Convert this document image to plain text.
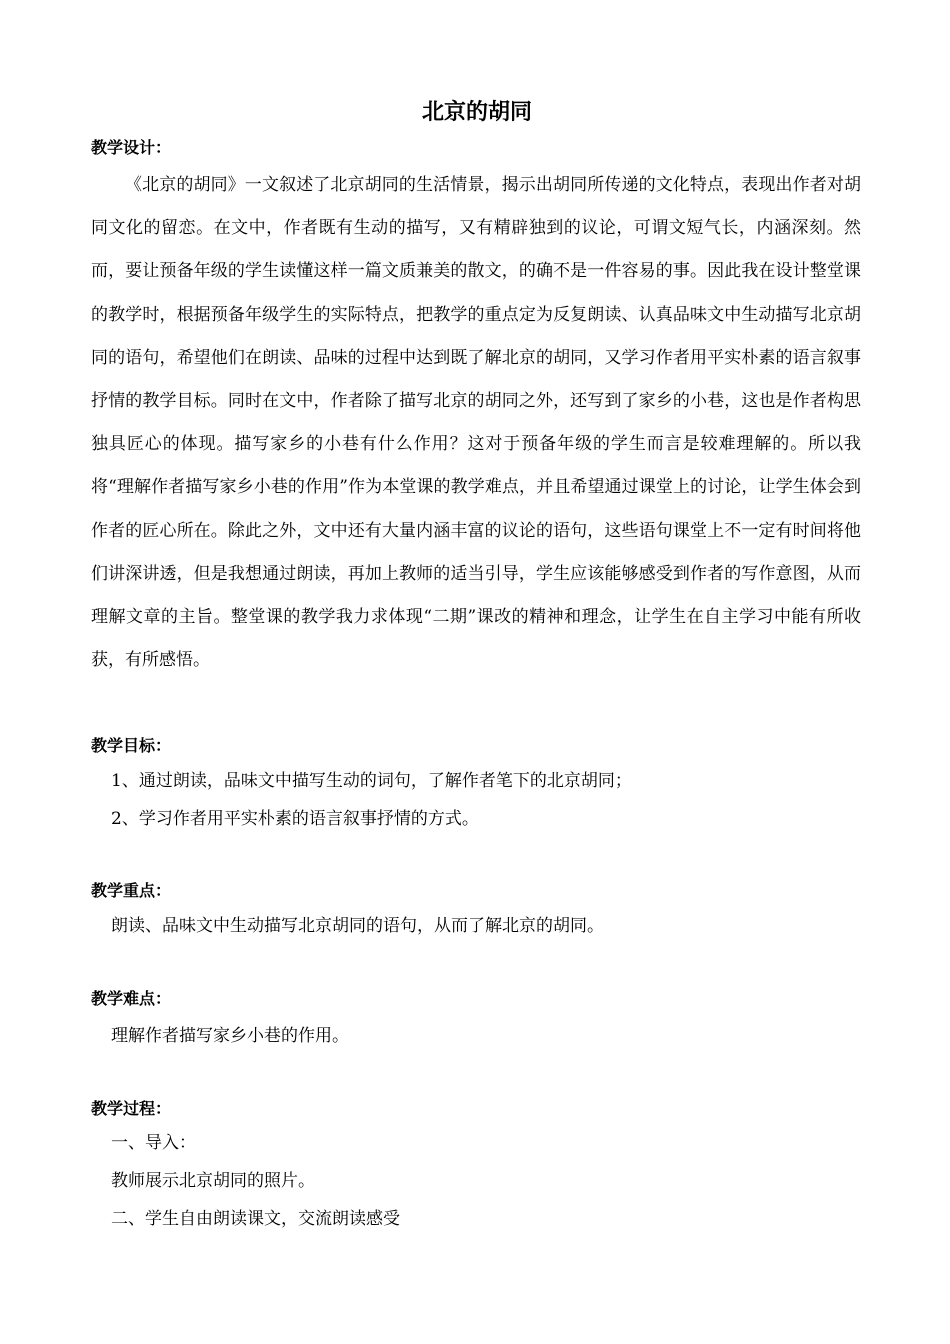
北京的胡同
教学设计：

《北京的胡同》一文叙述了北京胡同的生活情景，揭示出胡同所传递的文化特点，表现出作者对胡同文化的留恋。在文中，作者既有生动的描写，又有精辟独到的议论，可谓文短气长，内涵深刻。然而，要让预备年级的学生读懂这样一篇文质兼美的散文，的确不是一件容易的事。因此我在设计整堂课的教学时，根据预备年级学生的实际特点，把教学的重点定为反复朗读、认真品味文中生动描写北京胡同的语句，希望他们在朗读、品味的过程中达到既了解北京的胡同，又学习作者用平实朴素的语言叙事抒情的教学目标。同时在文中，作者除了描写北京的胡同之外，还写到了家乡的小巷，这也是作者构思独具匠心的体现。描写家乡的小巷有什么作用？这对于预备年级的学生而言是较难理解的。所以我将“理解作者描写家乡小巷的作用”作为本堂课的教学难点，并且希望通过课堂上的讨论，让学生体会到作者的匠心所在。除此之外，文中还有大量内涵丰富的议论的语句，这些语句课堂上不一定有时间将他们讲深讲透，但是我想通过朗读，再加上教师的适当引导，学生应该能够感受到作者的写作意图，从而理解文章的主旨。整堂课的教学我力求体现“二期”课改的精神和理念，让学生在自主学习中能有所收获，有所感悟。

教学目标：

1、通过朗读，品味文中描写生动的词句，了解作者笔下的北京胡同；

2、学习作者用平实朴素的语言叙事抒情的方式。

教学重点：

朗读、品味文中生动描写北京胡同的语句，从而了解北京的胡同。

教学难点：

理解作者描写家乡小巷的作用。

教学过程：

一、导入：

教师展示北京胡同的照片。

二、学生自由朗读课文，交流朗读感受
